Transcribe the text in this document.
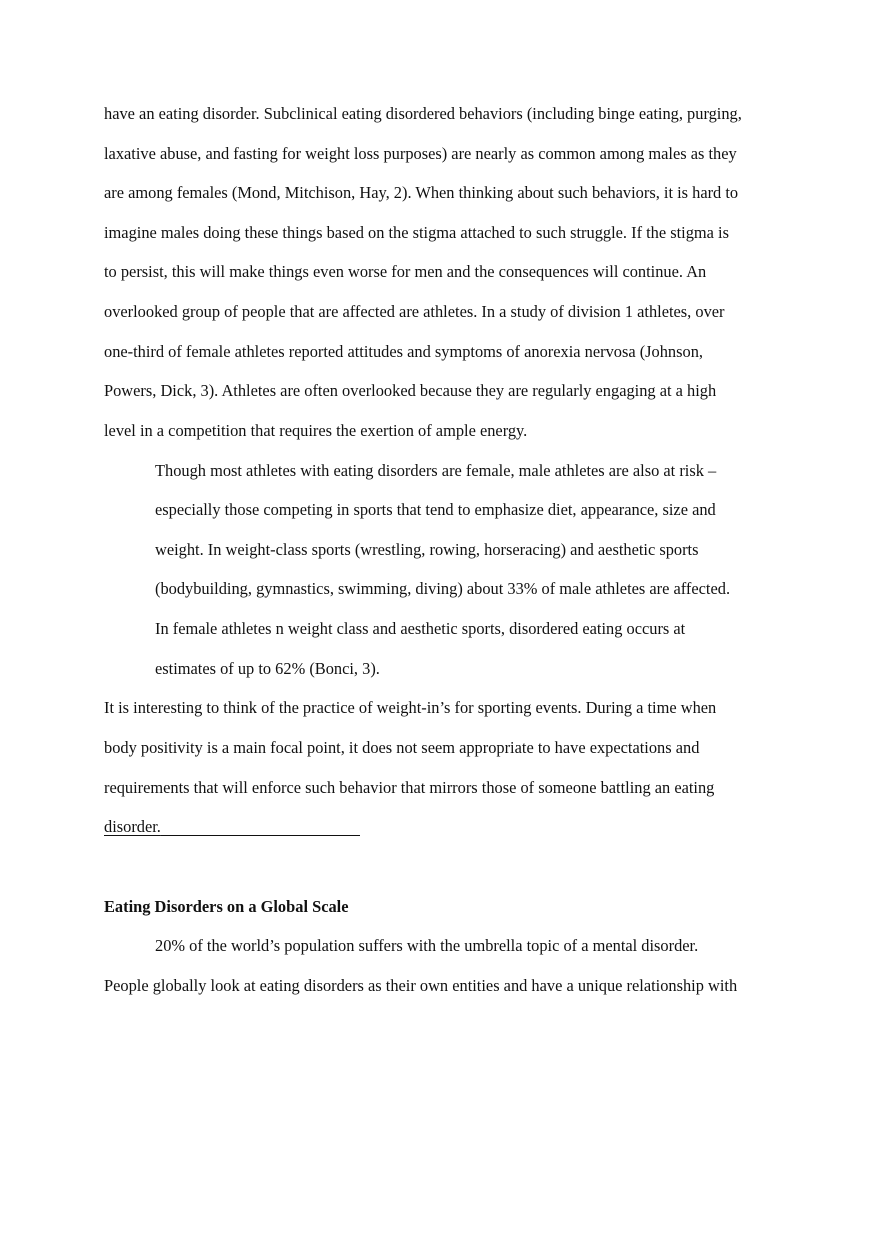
have an eating disorder. Subclinical eating disordered behaviors (including binge eating, purging,
laxative abuse, and fasting for weight loss purposes) are nearly as common among males as they
are among females (Mond, Mitchison, Hay, 2). When thinking about such behaviors, it is hard to
imagine males doing these things based on the stigma attached to such struggle. If the stigma is
to persist, this will make things even worse for men and the consequences will continue. An
overlooked group of people that are affected are athletes. In a study of division 1 athletes, over
one-third of female athletes reported attitudes and symptoms of anorexia nervosa (Johnson,
Powers, Dick, 3). Athletes are often overlooked because they are regularly engaging at a high
level in a competition that requires the exertion of ample energy.
Though most athletes with eating disorders are female, male athletes are also at risk –
especially those competing in sports that tend to emphasize diet, appearance, size and
weight. In weight-class sports (wrestling, rowing, horseracing) and aesthetic sports
(bodybuilding, gymnastics, swimming, diving) about 33% of male athletes are affected.
In female athletes n weight class and aesthetic sports, disordered eating occurs at
estimates of up to 62% (Bonci, 3).
It is interesting to think of the practice of weight-in’s for sporting events. During a time when
body positivity is a main focal point, it does not seem appropriate to have expectations and
requirements that will enforce such behavior that mirrors those of someone battling an eating
disorder.
Eating Disorders on a Global Scale
20% of the world’s population suffers with the umbrella topic of a mental disorder.
People globally look at eating disorders as their own entities and have a unique relationship with
